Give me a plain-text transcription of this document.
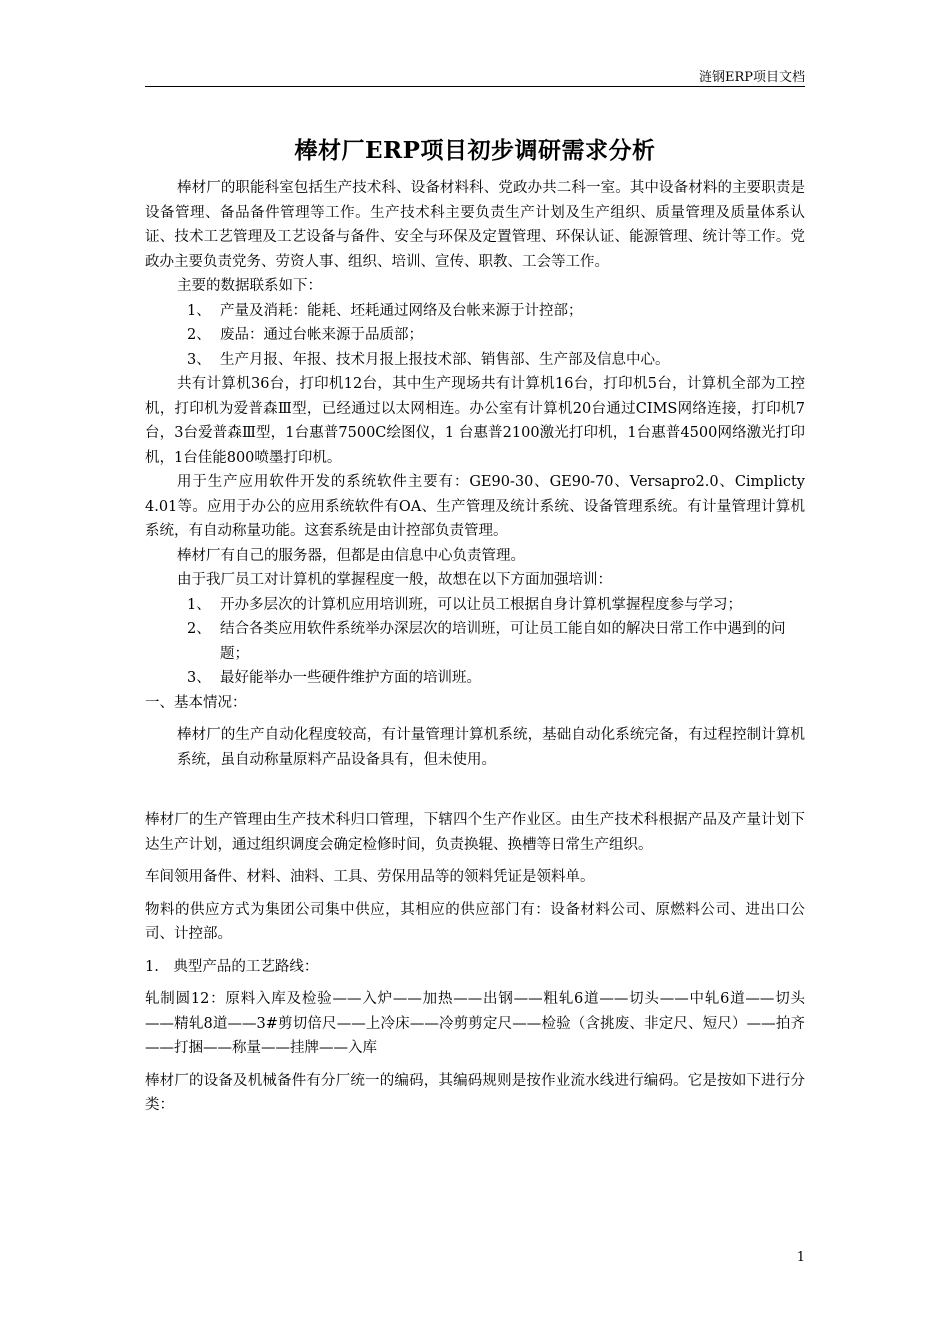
涟钢ERP项目文档
棒材厂ERP项目初步调研需求分析

棒材厂的职能科室包括生产技术科、设备材料科、党政办共二科一室。其中设备材料的主要职责是设备管理、备品备件管理等工作。生产技术科主要负责生产计划及生产组织、质量管理及质量体系认证、技术工艺管理及工艺设备与备件、安全与环保及定置管理、环保认证、能源管理、统计等工作。党政办主要负责党务、劳资人事、组织、培训、宣传、职教、工会等工作。

主要的数据联系如下：

1、 产量及消耗：能耗、坯耗通过网络及台帐来源于计控部；
2、 废品：通过台帐来源于品质部；
3、 生产月报、年报、技术月报上报技术部、销售部、生产部及信息中心。

共有计算机36台，打印机12台，其中生产现场共有计算机16台，打印机5台，计算机全部为工控机，打印机为爱普森Ⅲ型，已经通过以太网相连。办公室有计算机20台通过CIMS网络连接，打印机7台，3台爱普森Ⅲ型，1台惠普7500C绘图仪，1 台惠普2100激光打印机，1台惠普4500网络激光打印机，1台佳能800喷墨打印机。

用于生产应用软件开发的系统软件主要有：GE90-30、GE90-70、Versapro2.0、Cimplicty 4.01等。应用于办公的应用系统软件有OA、生产管理及统计系统、设备管理系统。有计量管理计算机系统，有自动称量功能。这套系统是由计控部负责管理。

棒材厂有自己的服务器，但都是由信息中心负责管理。

由于我厂员工对计算机的掌握程度一般，故想在以下方面加强培训：

1、 开办多层次的计算机应用培训班，可以让员工根据自身计算机掌握程度参与学习；
2、 结合各类应用软件系统举办深层次的培训班，可让员工能自如的解决日常工作中遇到的问题；
3、 最好能举办一些硬件维护方面的培训班。

一、基本情况：

棒材厂的生产自动化程度较高，有计量管理计算机系统，基础自动化系统完备，有过程控制计算机系统，虽自动称量原料产品设备具有，但未使用。

棒材厂的生产管理由生产技术科归口管理，下辖四个生产作业区。由生产技术科根据产品及产量计划下达生产计划，通过组织调度会确定检修时间，负责换辊、换槽等日常生产组织。

车间领用备件、材料、油料、工具、劳保用品等的领料凭证是领料单。

物料的供应方式为集团公司集中供应，其相应的供应部门有：设备材料公司、原燃料公司、进出口公司、计控部。

1.　典型产品的工艺路线：

轧制圆12：原料入库及检验——入炉——加热——出钢——粗轧6道——切头——中轧6道——切头——精轧8道——3#剪切倍尺——上冷床——冷剪剪定尺——检验（含挑废、非定尺、短尺）——拍齐——打捆——称量——挂牌——入库

棒材厂的设备及机械备件有分厂统一的编码，其编码规则是按作业流水线进行编码。它是按如下进行分类：

1
